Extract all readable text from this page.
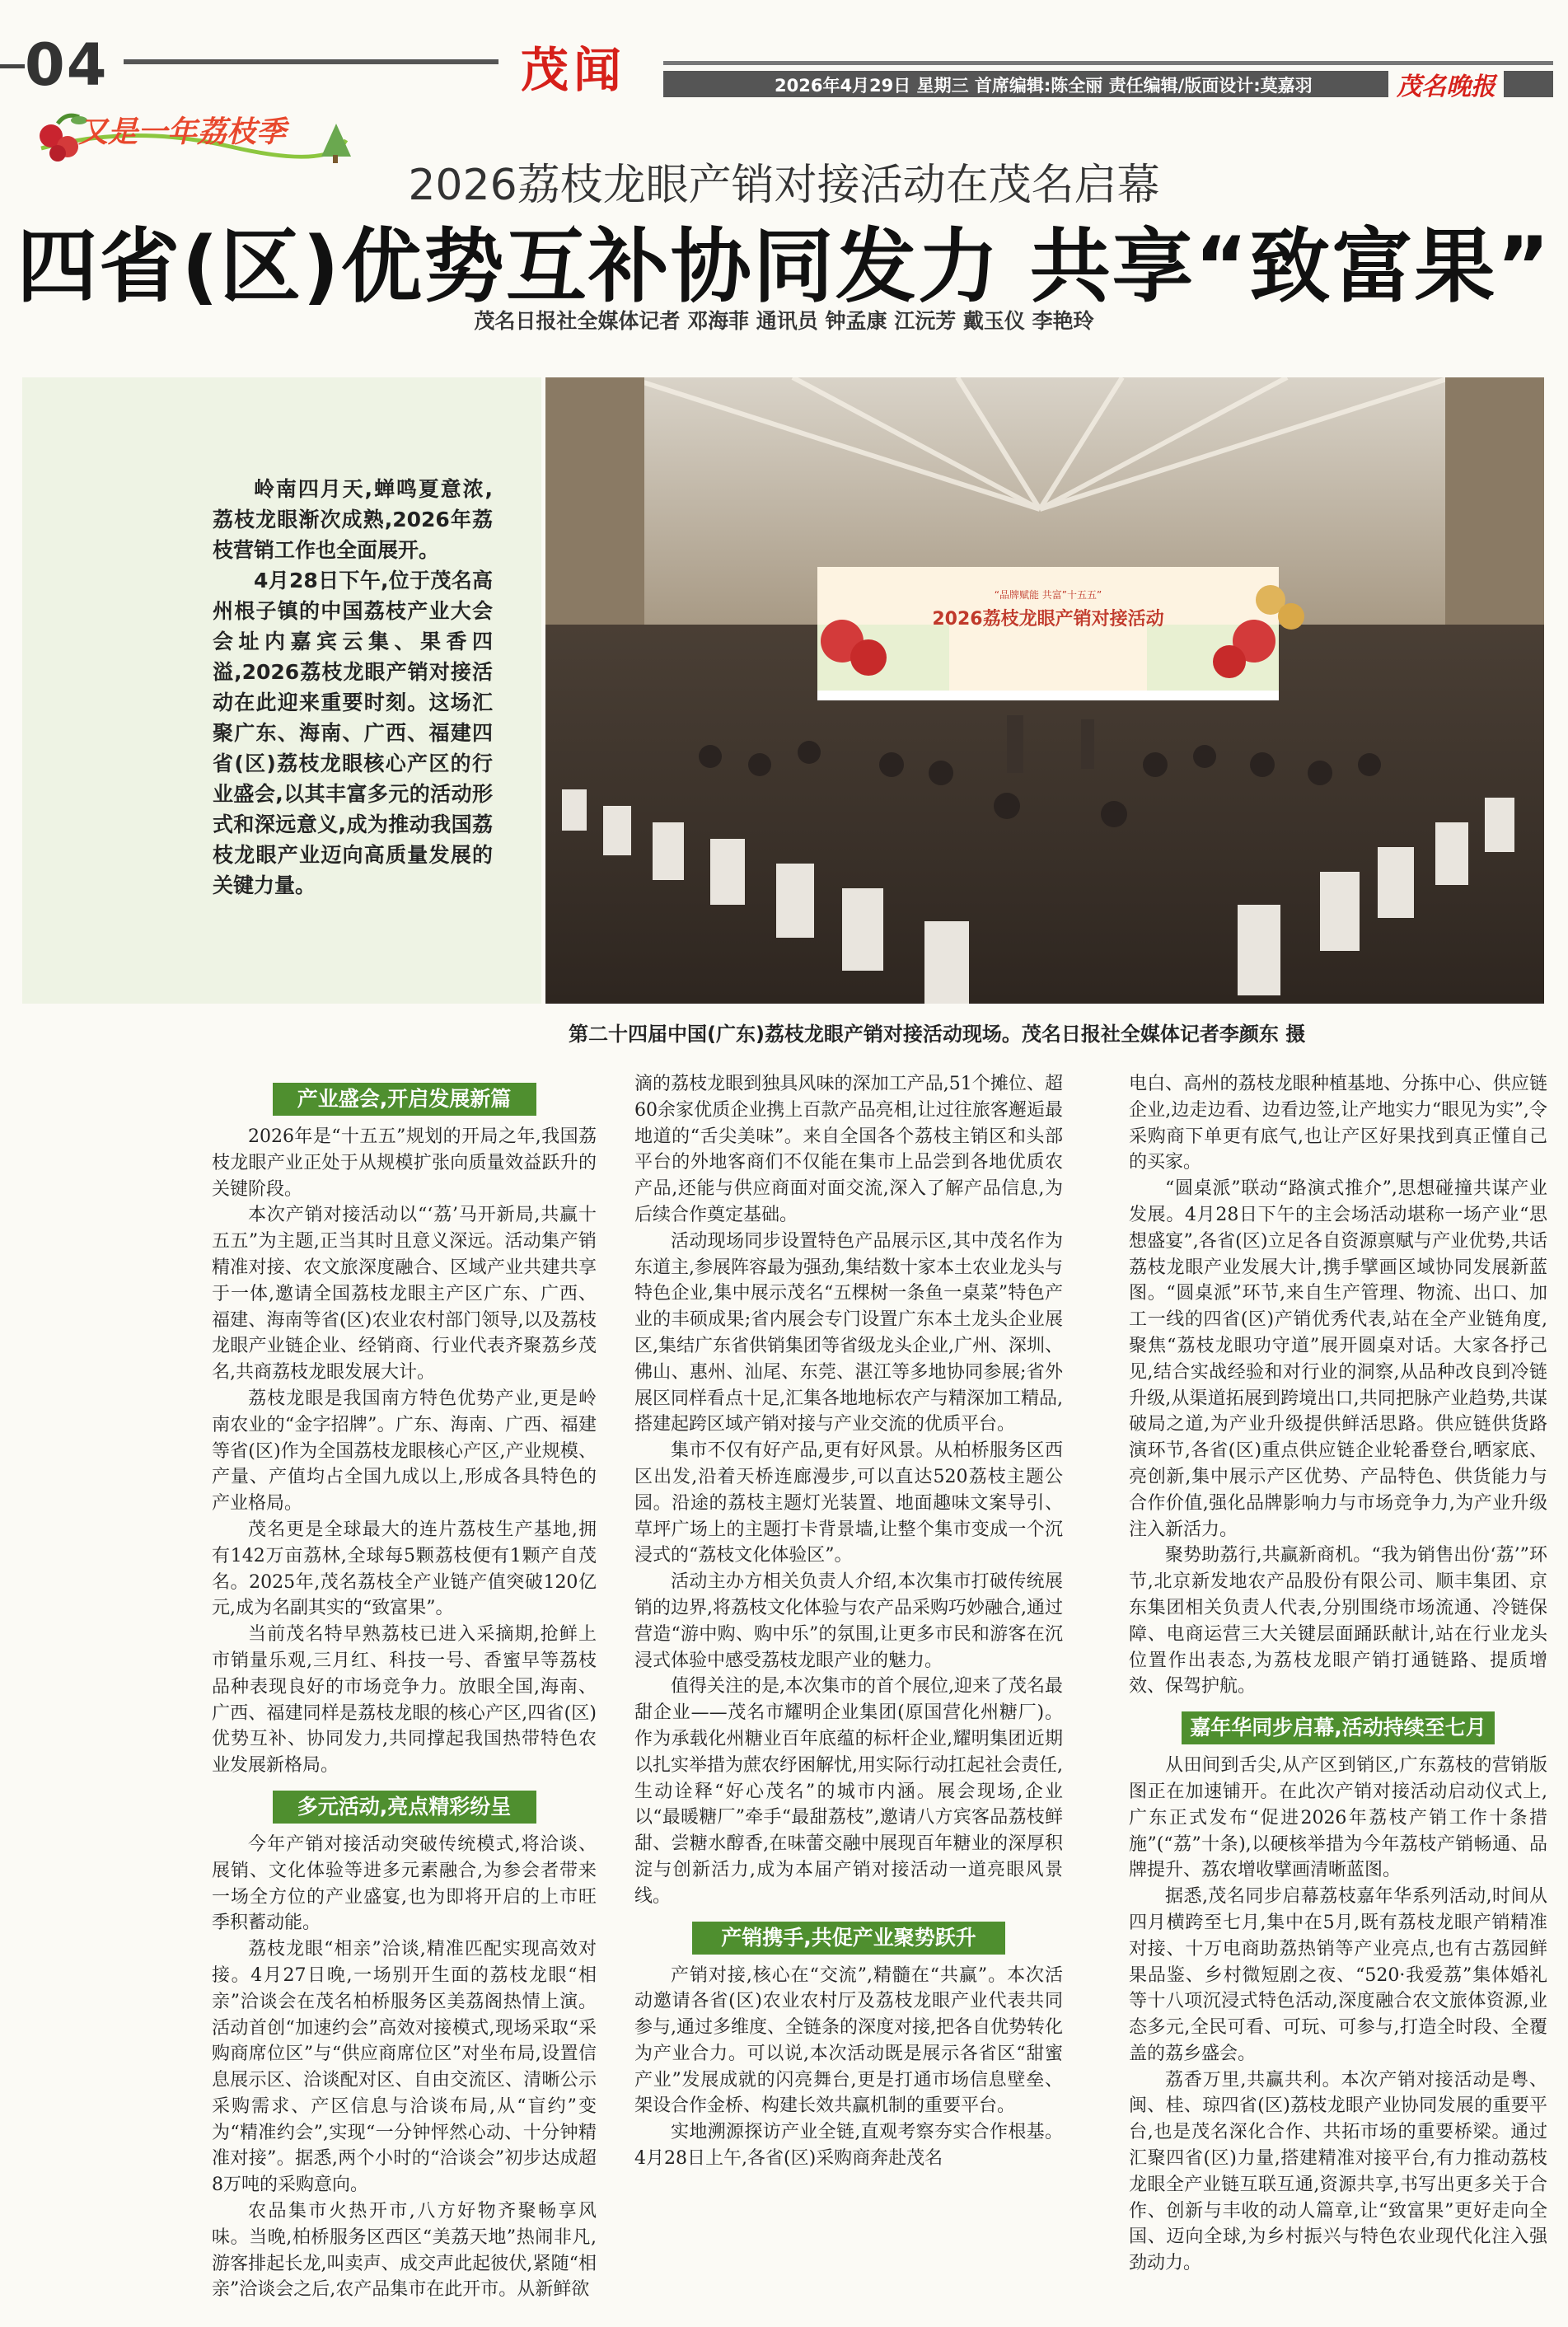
04	茂闻	2026年4月29日 星期三 首席编辑:陈全丽 责任编辑/版面设计:莫嘉羽	茂名晚报
又是一年荔枝季
2026荔枝龙眼产销对接活动在茂名启幕
四省(区)优势互补协同发力 共享“致富果”
茂名日报社全媒体记者 邓海菲 通讯员 钟孟康 江沅芳 戴玉仪 李艳玲

岭南四月天,蝉鸣夏意浓,荔枝龙眼渐次成熟,2026年荔枝营销工作也全面展开。

4月28日下午,位于茂名高州根子镇的中国荔枝产业大会会址内嘉宾云集、果香四溢,2026荔枝龙眼产销对接活动在此迎来重要时刻。这场汇聚广东、海南、广西、福建四省(区)荔枝龙眼核心产区的行业盛会,以其丰富多元的活动形式和深远意义,成为推动我国荔枝龙眼产业迈向高质量发展的关键力量。

“品牌赋能 共富”十五五”
2026荔枝龙眼产销对接活动
第二十四届中国(广东)荔枝龙眼产销对接活动现场。茂名日报社全媒体记者李颜东 摄
产业盛会,开启发展新篇

2026年是“十五五”规划的开局之年,我国荔枝龙眼产业正处于从规模扩张向质量效益跃升的关键阶段。

本次产销对接活动以“‘荔’马开新局,共赢十五五”为主题,正当其时且意义深远。活动集产销精准对接、农文旅深度融合、区域产业共建共享于一体,邀请全国荔枝龙眼主产区广东、广西、福建、海南等省(区)农业农村部门领导,以及荔枝龙眼产业链企业、经销商、行业代表齐聚荔乡茂名,共商荔枝龙眼发展大计。

荔枝龙眼是我国南方特色优势产业,更是岭南农业的“金字招牌”。广东、海南、广西、福建等省(区)作为全国荔枝龙眼核心产区,产业规模、产量、产值均占全国九成以上,形成各具特色的产业格局。

茂名更是全球最大的连片荔枝生产基地,拥有142万亩荔林,全球每5颗荔枝便有1颗产自茂名。2025年,茂名荔枝全产业链产值突破120亿元,成为名副其实的“致富果”。

当前茂名特早熟荔枝已进入采摘期,抢鲜上市销量乐观,三月红、科技一号、香蜜早等荔枝品种表现良好的市场竞争力。放眼全国,海南、广西、福建同样是荔枝龙眼的核心产区,四省(区)优势互补、协同发力,共同撑起我国热带特色农业发展新格局。

多元活动,亮点精彩纷呈

今年产销对接活动突破传统模式,将洽谈、展销、文化体验等进多元素融合,为参会者带来一场全方位的产业盛宴,也为即将开启的上市旺季积蓄动能。

荔枝龙眼“相亲”洽谈,精准匹配实现高效对接。4月27日晚,一场别开生面的荔枝龙眼“相亲”洽谈会在茂名柏桥服务区美荔阁热情上演。活动首创“加速约会”高效对接模式,现场采取“采购商席位区”与“供应商席位区”对坐布局,设置信息展示区、洽谈配对区、自由交流区、清晰公示采购需求、产区信息与洽谈布局,从“盲约”变为“精准约会”,实现“一分钟怦然心动、十分钟精准对接”。据悉,两个小时的“洽谈会”初步达成超8万吨的采购意向。

农品集市火热开市,八方好物齐聚畅享风味。当晚,柏桥服务区西区“美荔天地”热闹非凡,游客排起长龙,叫卖声、成交声此起彼伏,紧随“相亲”洽谈会之后,农产品集市在此开市。从新鲜欲

滴的荔枝龙眼到独具风味的深加工产品,51个摊位、超60余家优质企业携上百款产品亮相,让过往旅客邂逅最地道的“舌尖美味”。来自全国各个荔枝主销区和头部平台的外地客商们不仅能在集市上品尝到各地优质农产品,还能与供应商面对面交流,深入了解产品信息,为后续合作奠定基础。

活动现场同步设置特色产品展示区,其中茂名作为东道主,参展阵容最为强劲,集结数十家本土农业龙头与特色企业,集中展示茂名“五棵树一条鱼一桌菜”特色产业的丰硕成果;省内展会专门设置广东本土龙头企业展区,集结广东省供销集团等省级龙头企业,广州、深圳、佛山、惠州、汕尾、东莞、湛江等多地协同参展;省外展区同样看点十足,汇集各地地标农产与精深加工精品,搭建起跨区域产销对接与产业交流的优质平台。

集市不仅有好产品,更有好风景。从柏桥服务区西区出发,沿着天桥连廊漫步,可以直达520荔枝主题公园。沿途的荔枝主题灯光装置、地面趣味文案导引、草坪广场上的主题打卡背景墙,让整个集市变成一个沉浸式的“荔枝文化体验区”。

活动主办方相关负责人介绍,本次集市打破传统展销的边界,将荔枝文化体验与农产品采购巧妙融合,通过营造“游中购、购中乐”的氛围,让更多市民和游客在沉浸式体验中感受荔枝龙眼产业的魅力。

值得关注的是,本次集市的首个展位,迎来了茂名最甜企业——茂名市耀明企业集团(原国营化州糖厂)。作为承载化州糖业百年底蕴的标杆企业,耀明集团近期以扎实举措为蔗农纾困解忧,用实际行动扛起社会责任,生动诠释“好心茂名”的城市内涵。展会现场,企业以“最暖糖厂”牵手“最甜荔枝”,邀请八方宾客品荔枝鲜甜、尝糖水醇香,在味蕾交融中展现百年糖业的深厚积淀与创新活力,成为本届产销对接活动一道亮眼风景线。

产销携手,共促产业聚势跃升

产销对接,核心在“交流”,精髓在“共赢”。本次活动邀请各省(区)农业农村厅及荔枝龙眼产业代表共同参与,通过多维度、全链条的深度对接,把各自优势转化为产业合力。可以说,本次活动既是展示各省区“甜蜜产业”发展成就的闪亮舞台,更是打通市场信息壁垒、架设合作金桥、构建长效共赢机制的重要平台。

实地溯源探访产业全链,直观考察夯实合作根基。4月28日上午,各省(区)采购商奔赴茂名

电白、高州的荔枝龙眼种植基地、分拣中心、供应链企业,边走边看、边看边签,让产地实力“眼见为实”,令采购商下单更有底气,也让产区好果找到真正懂自己的买家。

“圆桌派”联动“路演式推介”,思想碰撞共谋产业发展。4月28日下午的主会场活动堪称一场产业“思想盛宴”,各省(区)立足各自资源禀赋与产业优势,共话荔枝龙眼产业发展大计,携手擘画区域协同发展新蓝图。“圆桌派”环节,来自生产管理、物流、出口、加工一线的四省(区)产销优秀代表,站在全产业链角度,聚焦“荔枝龙眼功守道”展开圆桌对话。大家各抒己见,结合实战经验和对行业的洞察,从品种改良到冷链升级,从渠道拓展到跨境出口,共同把脉产业趋势,共谋破局之道,为产业升级提供鲜活思路。供应链供货路演环节,各省(区)重点供应链企业轮番登台,晒家底、亮创新,集中展示产区优势、产品特色、供货能力与合作价值,强化品牌影响力与市场竞争力,为产业升级注入新活力。

聚势助荔行,共赢新商机。“我为销售出份‘荔’”环节,北京新发地农产品股份有限公司、顺丰集团、京东集团相关负责人代表,分别围绕市场流通、冷链保障、电商运营三大关键层面踊跃献计,站在行业龙头位置作出表态,为荔枝龙眼产销打通链路、提质增效、保驾护航。

嘉年华同步启幕,活动持续至七月

从田间到舌尖,从产区到销区,广东荔枝的营销版图正在加速铺开。在此次产销对接活动启动仪式上,广东正式发布“促进2026年荔枝产销工作十条措施”(“荔”十条),以硬核举措为今年荔枝产销畅通、品牌提升、荔农增收擘画清晰蓝图。

据悉,茂名同步启幕荔枝嘉年华系列活动,时间从四月横跨至七月,集中在5月,既有荔枝龙眼产销精准对接、十万电商助荔热销等产业亮点,也有古荔园鲜果品鉴、乡村微短剧之夜、“520·我爱荔”集体婚礼等十八项沉浸式特色活动,深度融合农文旅体资源,业态多元,全民可看、可玩、可参与,打造全时段、全覆盖的荔乡盛会。

荔香万里,共赢共利。本次产销对接活动是粤、闽、桂、琼四省(区)荔枝龙眼产业协同发展的重要平台,也是茂名深化合作、共拓市场的重要桥梁。通过汇聚四省(区)力量,搭建精准对接平台,有力推动荔枝龙眼全产业链互联互通,资源共享,书写出更多关于合作、创新与丰收的动人篇章,让“致富果”更好走向全国、迈向全球,为乡村振兴与特色农业现代化注入强劲动力。
